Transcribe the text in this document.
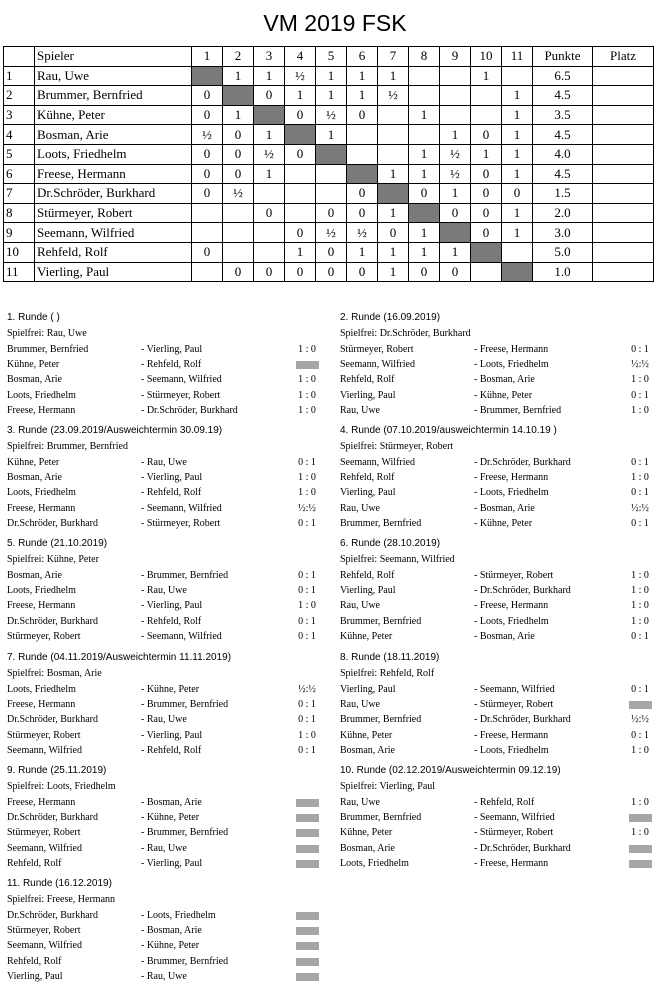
VM 2019 FSK
	Spieler	1	2	3	4	5	6	7	8	9	10	11	Punkte	Platz
1	Rau, Uwe		1	1	½	1	1	1			1		6.5	
2	Brummer, Bernfried	0		0	1	1	1	½				1	4.5	
3	Kühne, Peter	0	1		0	½	0		1			1	3.5	
4	Bosman, Arie	½	0	1		1				1	0	1	4.5	
5	Loots, Friedhelm	0	0	½	0				1	½	1	1	4.0	
6	Freese, Hermann	0	0	1				1	1	½	0	1	4.5	
7	Dr.Schröder, Burkhard	0	½				0		0	1	0	0	1.5	
8	Stürmeyer, Robert			0		0	0	1		0	0	1	2.0	
9	Seemann, Wilfried				0	½	½	0	1		0	1	3.0	
10	Rehfeld, Rolf	0			1	0	1	1	1	1			5.0	
11	Vierling, Paul		0	0	0	0	0	1	0	0			1.0	
1. Runde ( )
Spielfrei: Rau, Uwe
Brummer, Bernfried	- Vierling, Paul	1 : 0
Kühne, Peter	- Rehfeld, Rolf
Bosman, Arie	- Seemann, Wilfried	1 : 0
Loots, Friedhelm	- Stürmeyer, Robert	1 : 0
Freese, Hermann	- Dr.Schröder, Burkhard	1 : 0
2. Runde (16.09.2019)
Spielfrei: Dr.Schröder, Burkhard
Stürmeyer, Robert	- Freese, Hermann	0 : 1
Seemann, Wilfried	- Loots, Friedhelm	½:½
Rehfeld, Rolf	- Bosman, Arie	1 : 0
Vierling, Paul	- Kühne, Peter	0 : 1
Rau, Uwe	- Brummer, Bernfried	1 : 0
3. Runde (23.09.2019/Ausweichtermin 30.09.19)
Spielfrei: Brummer, Bernfried
Kühne, Peter	- Rau, Uwe	0 : 1
Bosman, Arie	- Vierling, Paul	1 : 0
Loots, Friedhelm	- Rehfeld, Rolf	1 : 0
Freese, Hermann	- Seemann, Wilfried	½:½
Dr.Schröder, Burkhard	- Stürmeyer, Robert	0 : 1
4. Runde (07.10.2019/ausweichtermin 14.10.19 )
Spielfrei: Stürmeyer, Robert
Seemann, Wilfried	- Dr.Schröder, Burkhard	0 : 1
Rehfeld, Rolf	- Freese, Hermann	1 : 0
Vierling, Paul	- Loots, Friedhelm	0 : 1
Rau, Uwe	- Bosman, Arie	½:½
Brummer, Bernfried	- Kühne, Peter	0 : 1
5. Runde (21.10.2019)
Spielfrei: Kühne, Peter
Bosman, Arie	- Brummer, Bernfried	0 : 1
Loots, Friedhelm	- Rau, Uwe	0 : 1
Freese, Hermann	- Vierling, Paul	1 : 0
Dr.Schröder, Burkhard	- Rehfeld, Rolf	0 : 1
Stürmeyer, Robert	- Seemann, Wilfried	0 : 1
6. Runde (28.10.2019)
Spielfrei: Seemann, Wilfried
Rehfeld, Rolf	- Stürmeyer, Robert	1 : 0
Vierling, Paul	- Dr.Schröder, Burkhard	1 : 0
Rau, Uwe	- Freese, Hermann	1 : 0
Brummer, Bernfried	- Loots, Friedhelm	1 : 0
Kühne, Peter	- Bosman, Arie	0 : 1
7. Runde (04.11.2019/Ausweichtermin 11.11.2019)
Spielfrei: Bosman, Arie
Loots, Friedhelm	- Kühne, Peter	½:½
Freese, Hermann	- Brummer, Bernfried	0 : 1
Dr.Schröder, Burkhard	- Rau, Uwe	0 : 1
Stürmeyer, Robert	- Vierling, Paul	1 : 0
Seemann, Wilfried	- Rehfeld, Rolf	0 : 1
8. Runde (18.11.2019)
Spielfrei: Rehfeld, Rolf
Vierling, Paul	- Seemann, Wilfried	0 : 1
Rau, Uwe	- Stürmeyer, Robert
Brummer, Bernfried	- Dr.Schröder, Burkhard	½:½
Kühne, Peter	- Freese, Hermann	0 : 1
Bosman, Arie	- Loots, Friedhelm	1 : 0
9. Runde (25.11.2019)
Spielfrei: Loots, Friedhelm
Freese, Hermann	- Bosman, Arie
Dr.Schröder, Burkhard	- Kühne, Peter
Stürmeyer, Robert	- Brummer, Bernfried
Seemann, Wilfried	- Rau, Uwe
Rehfeld, Rolf	- Vierling, Paul
10. Runde (02.12.2019/Ausweichtermin 09.12.19)
Spielfrei: Vierling, Paul
Rau, Uwe	- Rehfeld, Rolf	1 : 0
Brummer, Bernfried	- Seemann, Wilfried
Kühne, Peter	- Stürmeyer, Robert	1 : 0
Bosman, Arie	- Dr.Schröder, Burkhard
Loots, Friedhelm	- Freese, Hermann
11. Runde (16.12.2019)
Spielfrei: Freese, Hermann
Dr.Schröder, Burkhard	- Loots, Friedhelm
Stürmeyer, Robert	- Bosman, Arie
Seemann, Wilfried	- Kühne, Peter
Rehfeld, Rolf	- Brummer, Bernfried
Vierling, Paul	- Rau, Uwe
